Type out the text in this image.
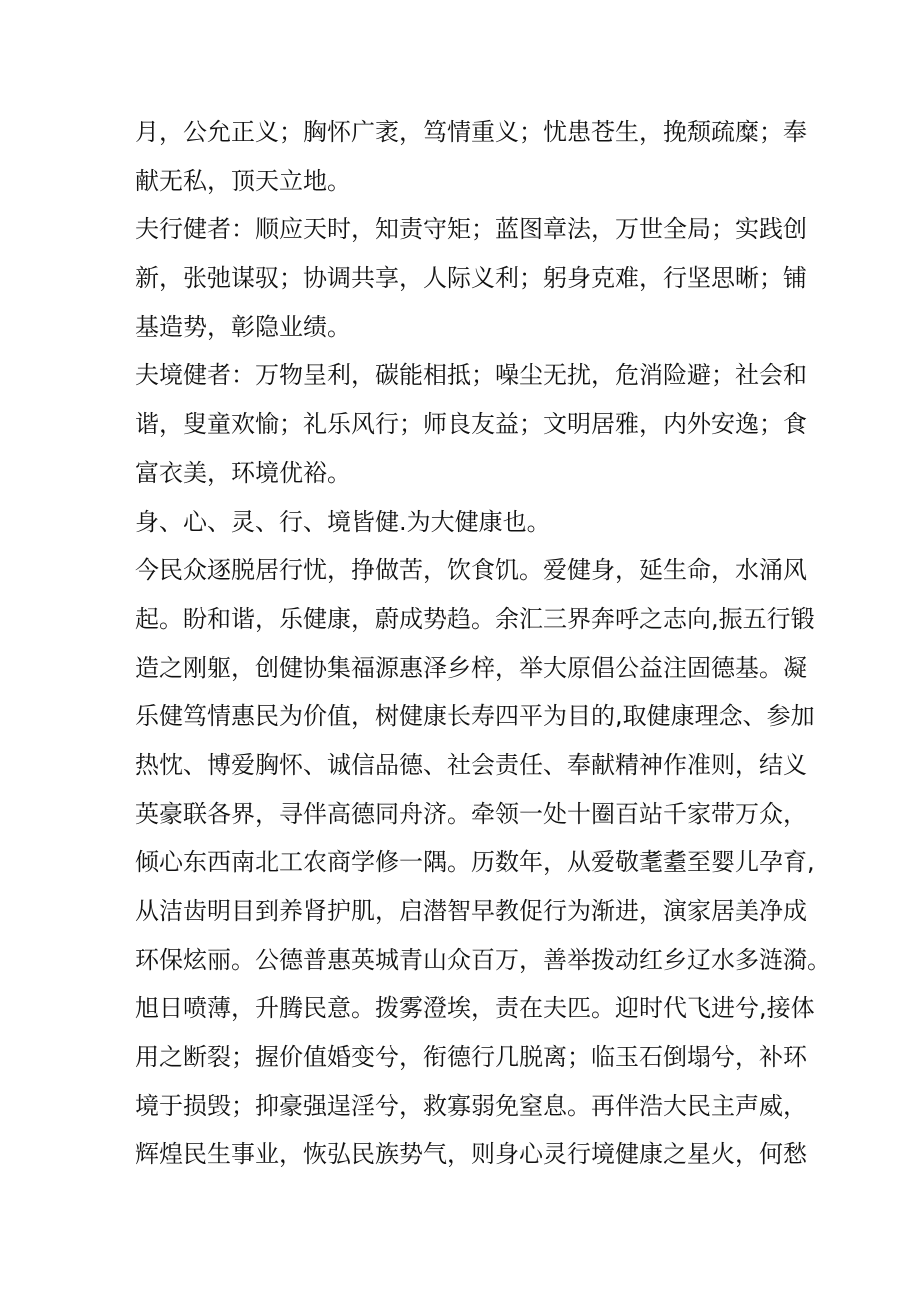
月，公允正义；胸怀广袤，笃情重义；忧患苍生，挽颓疏糜；奉
献无私，顶天立地。
夫行健者：顺应天时，知责守矩；蓝图章法，万世全局；实践创
新，张弛谋驭；协调共享，人际义利；躬身克难，行坚思晰；铺
基造势，彰隐业绩。
夫境健者：万物呈利，碳能相抵；噪尘无扰，危消险避；社会和
谐，叟童欢愉；礼乐风行；师良友益；文明居雅，内外安逸；食
富衣美，环境优裕。
身、心、灵、行、境皆健.为大健康也。
今民众逐脱居行忧，挣做苦，饮食饥。爱健身，延生命，水涌风
起。盼和谐，乐健康，蔚成势趋。余汇三界奔呼之志向,振五行锻
造之刚躯，创健协集福源惠泽乡梓，举大原倡公益注固德基。凝
乐健笃情惠民为价值，树健康长寿四平为目的,取健康理念、参加
热忱、博爱胸怀、诚信品德、社会责任、奉献精神作准则，结义
英豪联各界，寻伴高德同舟济。牵领一处十圈百站千家带万众，
倾心东西南北工农商学修一隅。历数年，从爱敬耄耋至婴儿孕育,
从洁齿明目到养肾护肌，启潜智早教促行为渐进，演家居美净成
环保炫丽。公德普惠英城青山众百万，善举拨动红乡辽水多涟漪。
旭日喷薄，升腾民意。拨雾澄埃，责在夫匹。迎时代飞进兮,接体
用之断裂；握价值婚变兮，衔德行几脱离；临玉石倒塌兮，补环
境于损毁；抑豪强逞淫兮，救寡弱免窒息。再伴浩大民主声威，
辉煌民生事业，恢弘民族势气，则身心灵行境健康之星火，何愁
